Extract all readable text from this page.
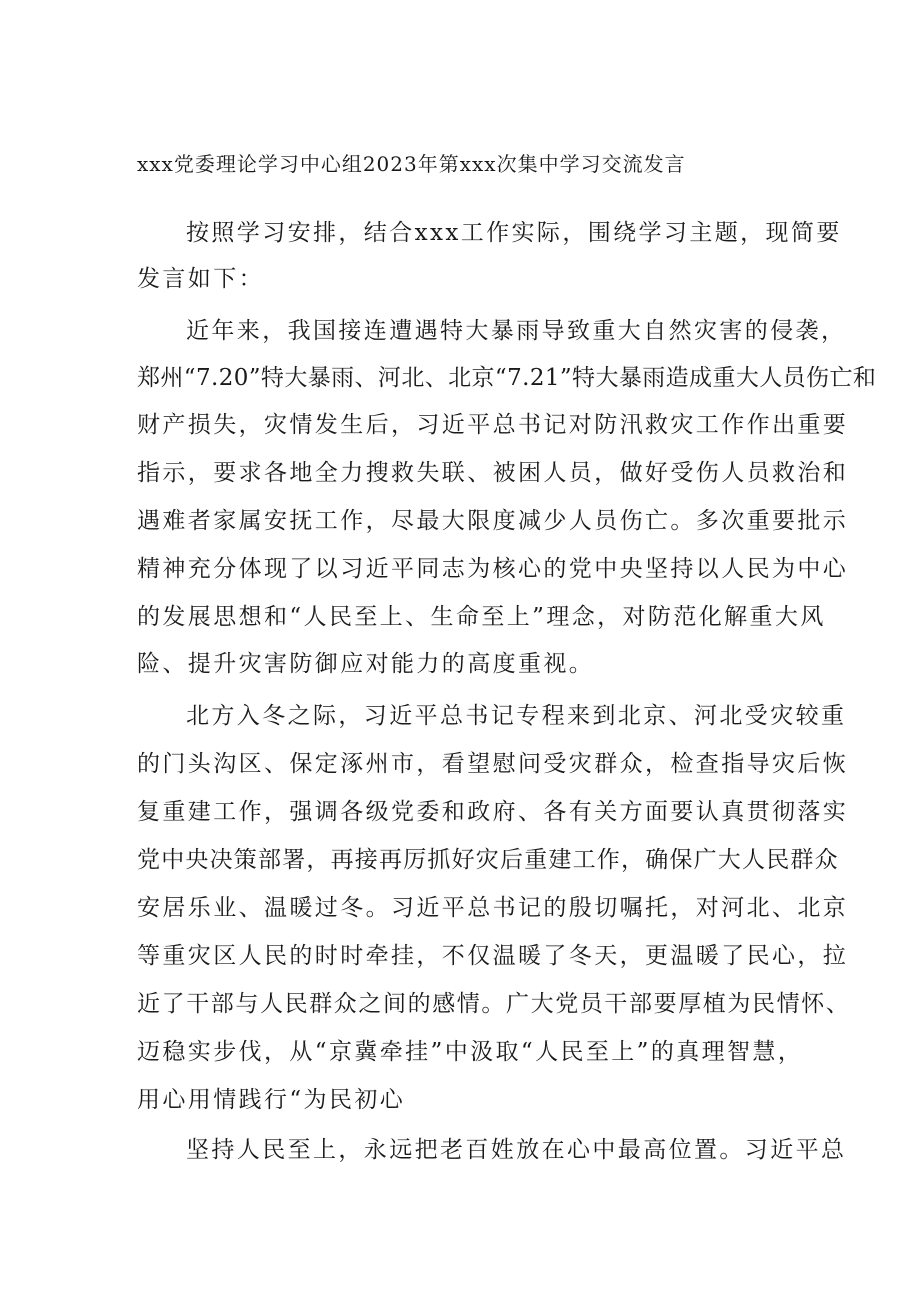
xxx党委理论学习中心组2023年第xxx次集中学习交流发言
按照学习安排，结合xxx工作实际，围绕学习主题，现简要
发言如下：
近年来，我国接连遭遇特大暴雨导致重大自然灾害的侵袭，
郑州“7.20”特大暴雨、河北、北京“7.21”特大暴雨造成重大人员伤亡和
财产损失，灾情发生后，习近平总书记对防汛救灾工作作出重要
指示，要求各地全力搜救失联、被困人员，做好受伤人员救治和
遇难者家属安抚工作，尽最大限度减少人员伤亡。多次重要批示
精神充分体现了以习近平同志为核心的党中央坚持以人民为中心
的发展思想和“人民至上、生命至上”理念，对防范化解重大风
险、提升灾害防御应对能力的高度重视。
北方入冬之际，习近平总书记专程来到北京、河北受灾较重
的门头沟区、保定涿州市，看望慰问受灾群众，检查指导灾后恢
复重建工作，强调各级党委和政府、各有关方面要认真贯彻落实
党中央决策部署，再接再厉抓好灾后重建工作，确保广大人民群众
安居乐业、温暖过冬。习近平总书记的殷切嘱托，对河北、北京
等重灾区人民的时时牵挂，不仅温暖了冬天，更温暖了民心，拉
近了干部与人民群众之间的感情。广大党员干部要厚植为民情怀、
迈稳实步伐，从“京冀牵挂”中汲取“人民至上”的真理智慧，
用心用情践行“为民初心
坚持人民至上，永远把老百姓放在心中最高位置。习近平总
